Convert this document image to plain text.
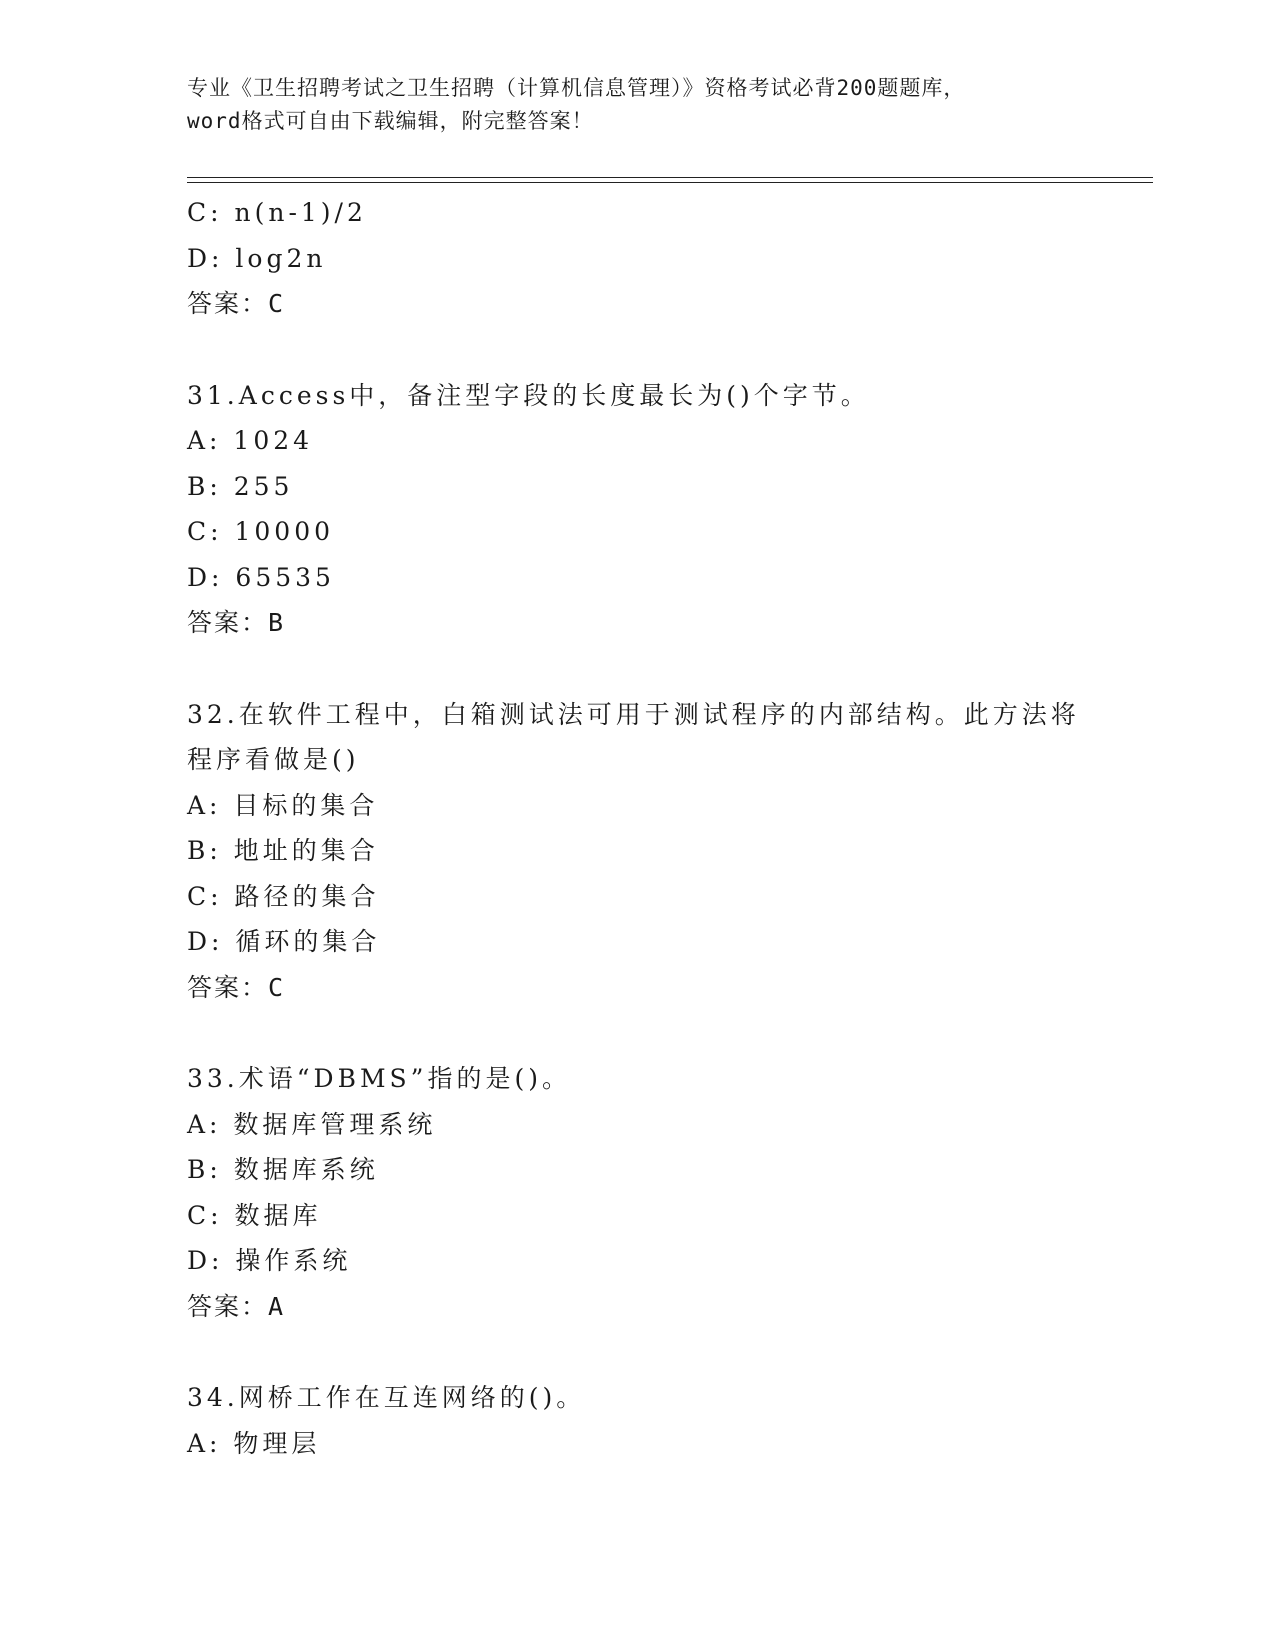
专业《卫生招聘考试之卫生招聘（计算机信息管理）》资格考试必背200题题库，
word格式可自由下载编辑，附完整答案！
C: n(n-1)/2
D: log2n
答案：C
31.Access中，备注型字段的长度最长为()个字节。
A: 1024
B: 255
C: 10000
D: 65535
答案：B
32.在软件工程中，白箱测试法可用于测试程序的内部结构。此方法将
程序看做是()
A: 目标的集合
B: 地址的集合
C: 路径的集合
D: 循环的集合
答案：C
33.术语“DBMS”指的是()。
A: 数据库管理系统
B: 数据库系统
C: 数据库
D: 操作系统
答案：A
34.网桥工作在互连网络的()。
A: 物理层
